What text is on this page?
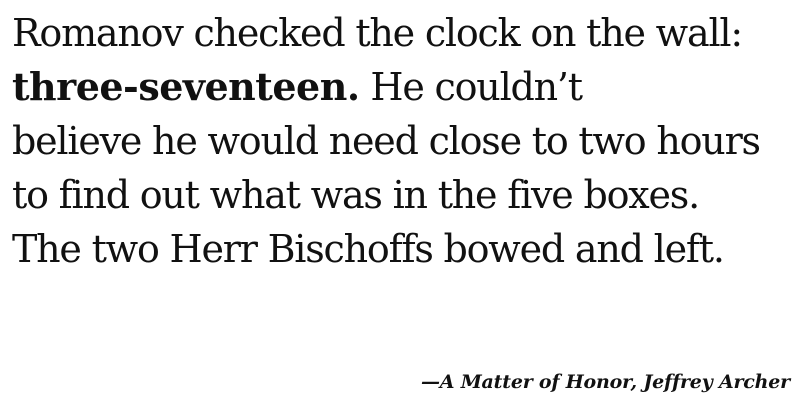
Romanov checked the clock on the wall:
three-seventeen. He couldn’t
believe he would need close to two hours
to find out what was in the five boxes.
The two Herr Bischoffs bowed and left.
—A Matter of Honor, Jeffrey Archer
